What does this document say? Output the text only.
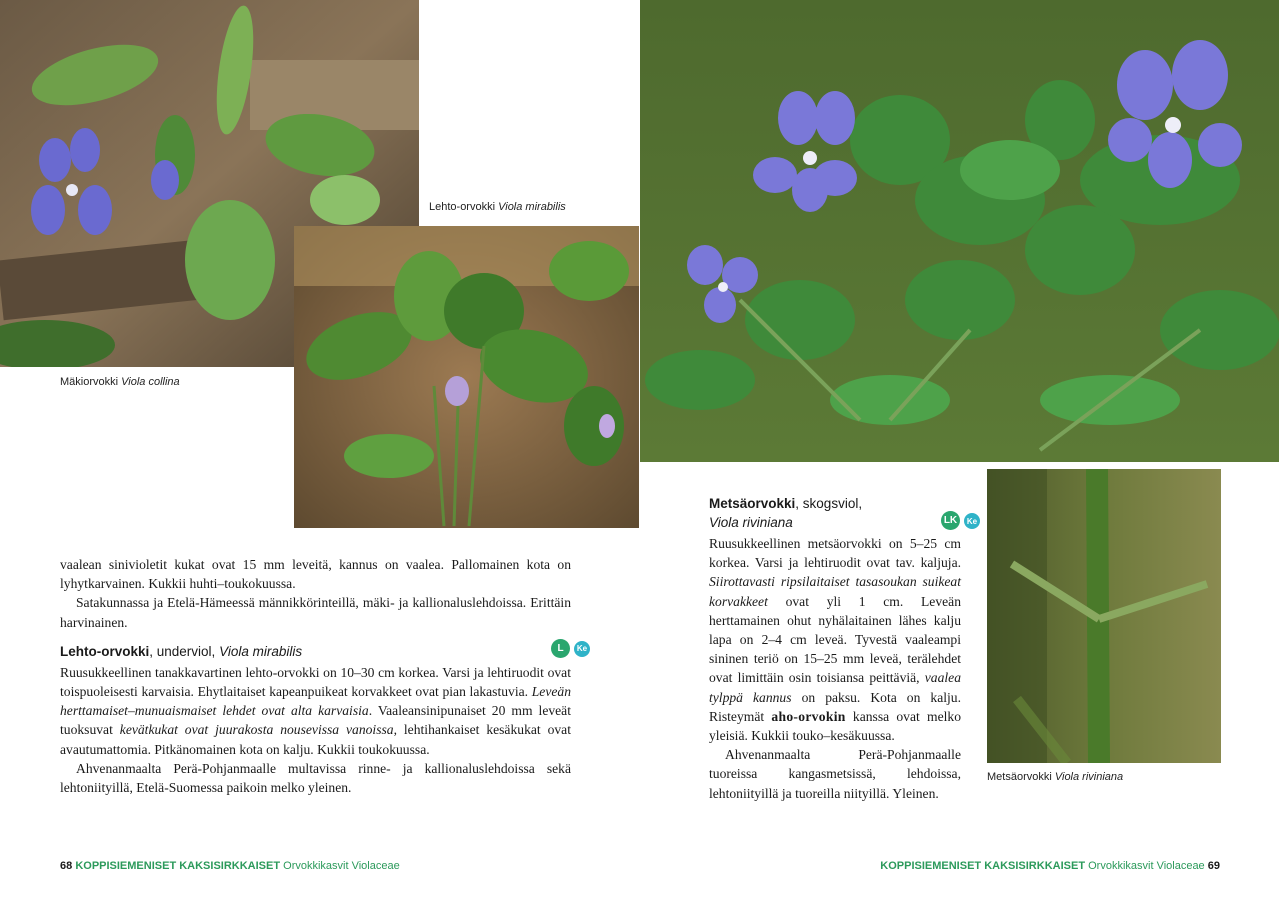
Lehto-orvokki Viola mirabilis
Mäkiorvokki Viola collina
Metsäorvokki Viola riviniana

vaalean sinivioletit kukat ovat 15 mm leveitä, kannus on vaalea. Pallomainen kota on lyhytkarvainen. Kukkii huhti–toukokuussa.

Satakunnassa ja Etelä-Hämeessä männikkörinteillä, mäki- ja kallionaluslehdoissa. Erittäin harvinainen.

Lehto-orvokki, underviol, Viola mirabilis	L	Ke

Ruusukkeellinen tanakkavartinen lehto-orvokki on 10–30 cm korkea. Varsi ja lehtiruodit ovat toispuoleisesti karvaisia. Ehytlaitaiset kapeanpuikeat korvakkeet ovat pian lakastuvia. Leveän herttamaiset–munuaismaiset lehdet ovat alta karvaisia. Vaaleansinipunaiset 20 mm leveät tuoksuvat kevätkukat ovat juurakosta nousevissa vanoissa, lehtihankaiset kesäkukat ovat avautumattomia. Pitkänomainen kota on kalju. Kukkii toukokuussa.

Ahvenanmaalta Perä-Pohjanmaalle multavissa rinne- ja kallionaluslehdoissa sekä lehtoniityillä, Etelä-Suomessa paikoin melko yleinen.

Metsäorvokki, skogsviol,
Viola riviniana	LK	Ke

Ruusukkeellinen metsäorvokki on 5–25 cm korkea. Varsi ja lehtiruodit ovat tav. kaljuja. Siirottavasti ripsilaitaiset tasasoukan suikeat korvakkeet ovat yli 1 cm. Leveän herttamainen ohut nyhälaitainen lähes kalju lapa on 2–4 cm leveä. Tyvestä vaaleampi sininen teriö on 15–25 mm leveä, terälehdet ovat limittäin osin toisiansa peittäviä, vaalea tylppä kannus on paksu. Kota on kalju. Risteymät aho-orvokin kanssa ovat melko yleisiä. Kukkii touko–kesäkuussa.

Ahvenanmaalta Perä-Pohjanmaalle tuoreissa kangasmetsissä, lehdoissa, lehtoniityillä ja tuoreilla niityillä. Yleinen.

68 KOPPISIEMENISET KAKSISIRKKAISET Orvokkikasvit Violaceae	KOPPISIEMENISET KAKSISIRKKAISET Orvokkikasvit Violaceae 69
